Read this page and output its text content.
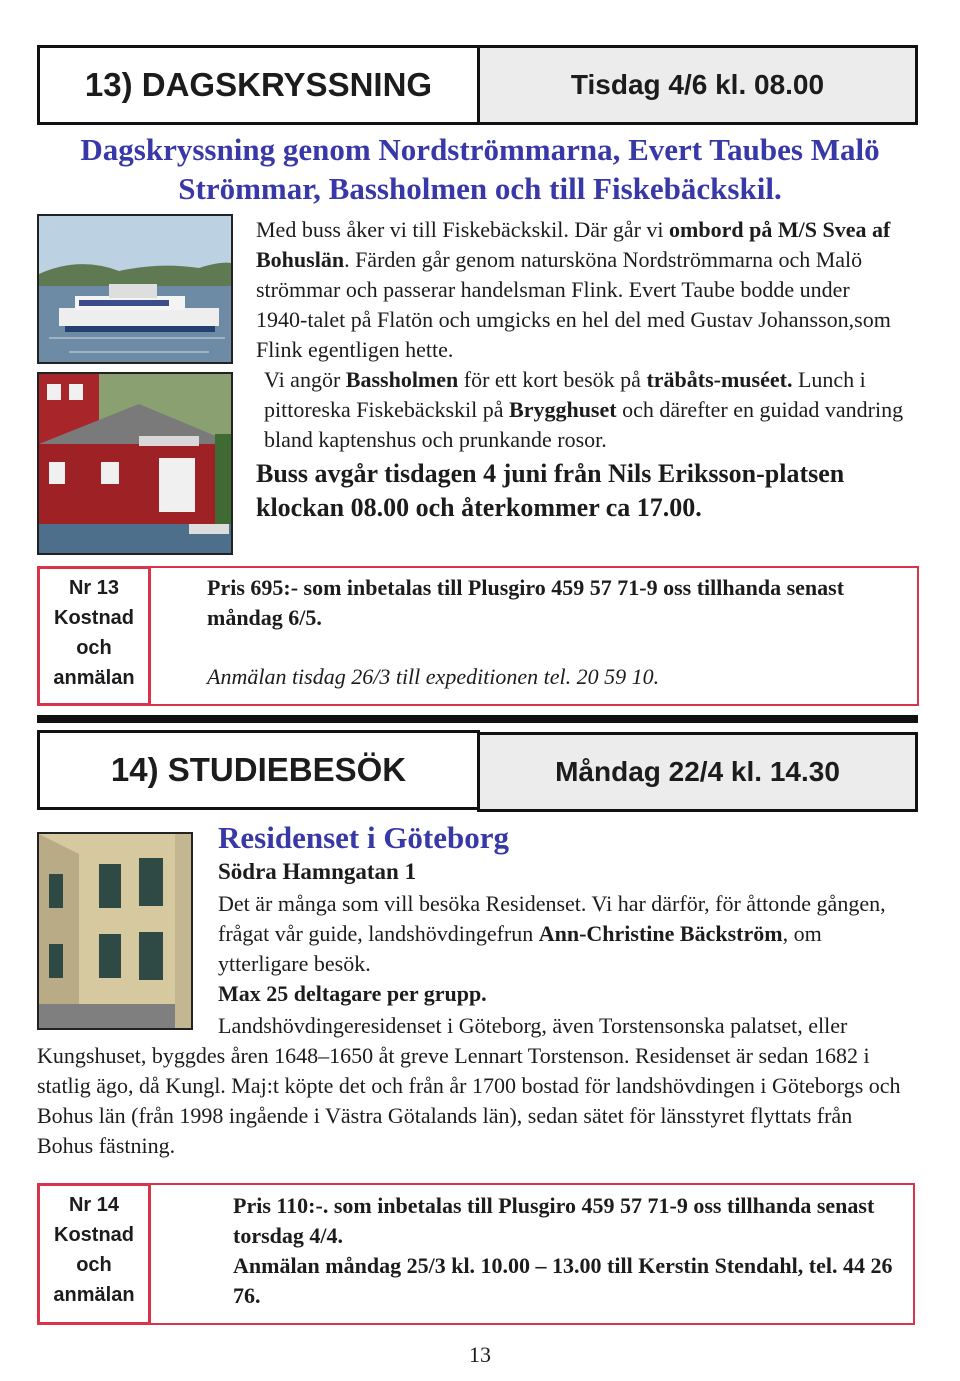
13) DAGSKRYSSNING	Tisdag 4/6 kl. 08.00
Dagskryssning genom Nordströmmarna, Evert Taubes Malö
Strömmar, Bassholmen och till Fiskebäckskil.
Med buss åker vi till Fiskebäckskil. Där går vi ombord på M/S Svea af Bohuslän. Färden går genom natursköna Nordströmmarna och Malö strömmar och passerar handelsman Flink. Evert Taube bodde under 1940-talet på Flatön och umgicks en hel del med Gustav Johansson,som Flink egentligen hette.
Vi angör Bassholmen för ett kort besök på träbåts-muséet. Lunch i pittoreska Fiskebäckskil på Brygghuset och därefter en guidad vandring bland kaptenshus och prunkande rosor.
Buss avgår tisdagen 4 juni från Nils Eriksson-platsen klockan 08.00 och återkommer ca 17.00.
Nr 13
Kostnad
och
anmälan
Pris 695:- som inbetalas till Plusgiro 459 57 71-9 oss tillhanda senast måndag 6/5.
Anmälan tisdag 26/3 till expeditionen tel. 20 59 10.
14) STUDIEBESÖK	Måndag 22/4 kl. 14.30
Residenset i Göteborg
Södra Hamngatan 1
Det är många som vill besöka Residenset. Vi har därför, för åttonde gången, frågat vår guide, landshövdingefrun Ann-Christine Bäckström, om ytterligare besök.
Max 25 deltagare per grupp.
Landshövdingeresidenset i Göteborg, även Torstensonska palatset, eller Kungshuset, byggdes åren 1648–1650 åt greve Lennart Torstenson. Residenset är sedan 1682 i statlig ägo, då Kungl. Maj:t köpte det och från år 1700 bostad för landshövdingen i Göteborgs och Bohus län (från 1998 ingående i Västra Götalands län), sedan sätet för länsstyret flyttats från Bohus fästning.
Nr 14
Kostnad
och
anmälan
Pris 110:-. som inbetalas till Plusgiro 459 57 71-9 oss tillhanda senast torsdag 4/4.
Anmälan måndag 25/3 kl. 10.00 – 13.00 till Kerstin Stendahl, tel. 44 26 76.
13
